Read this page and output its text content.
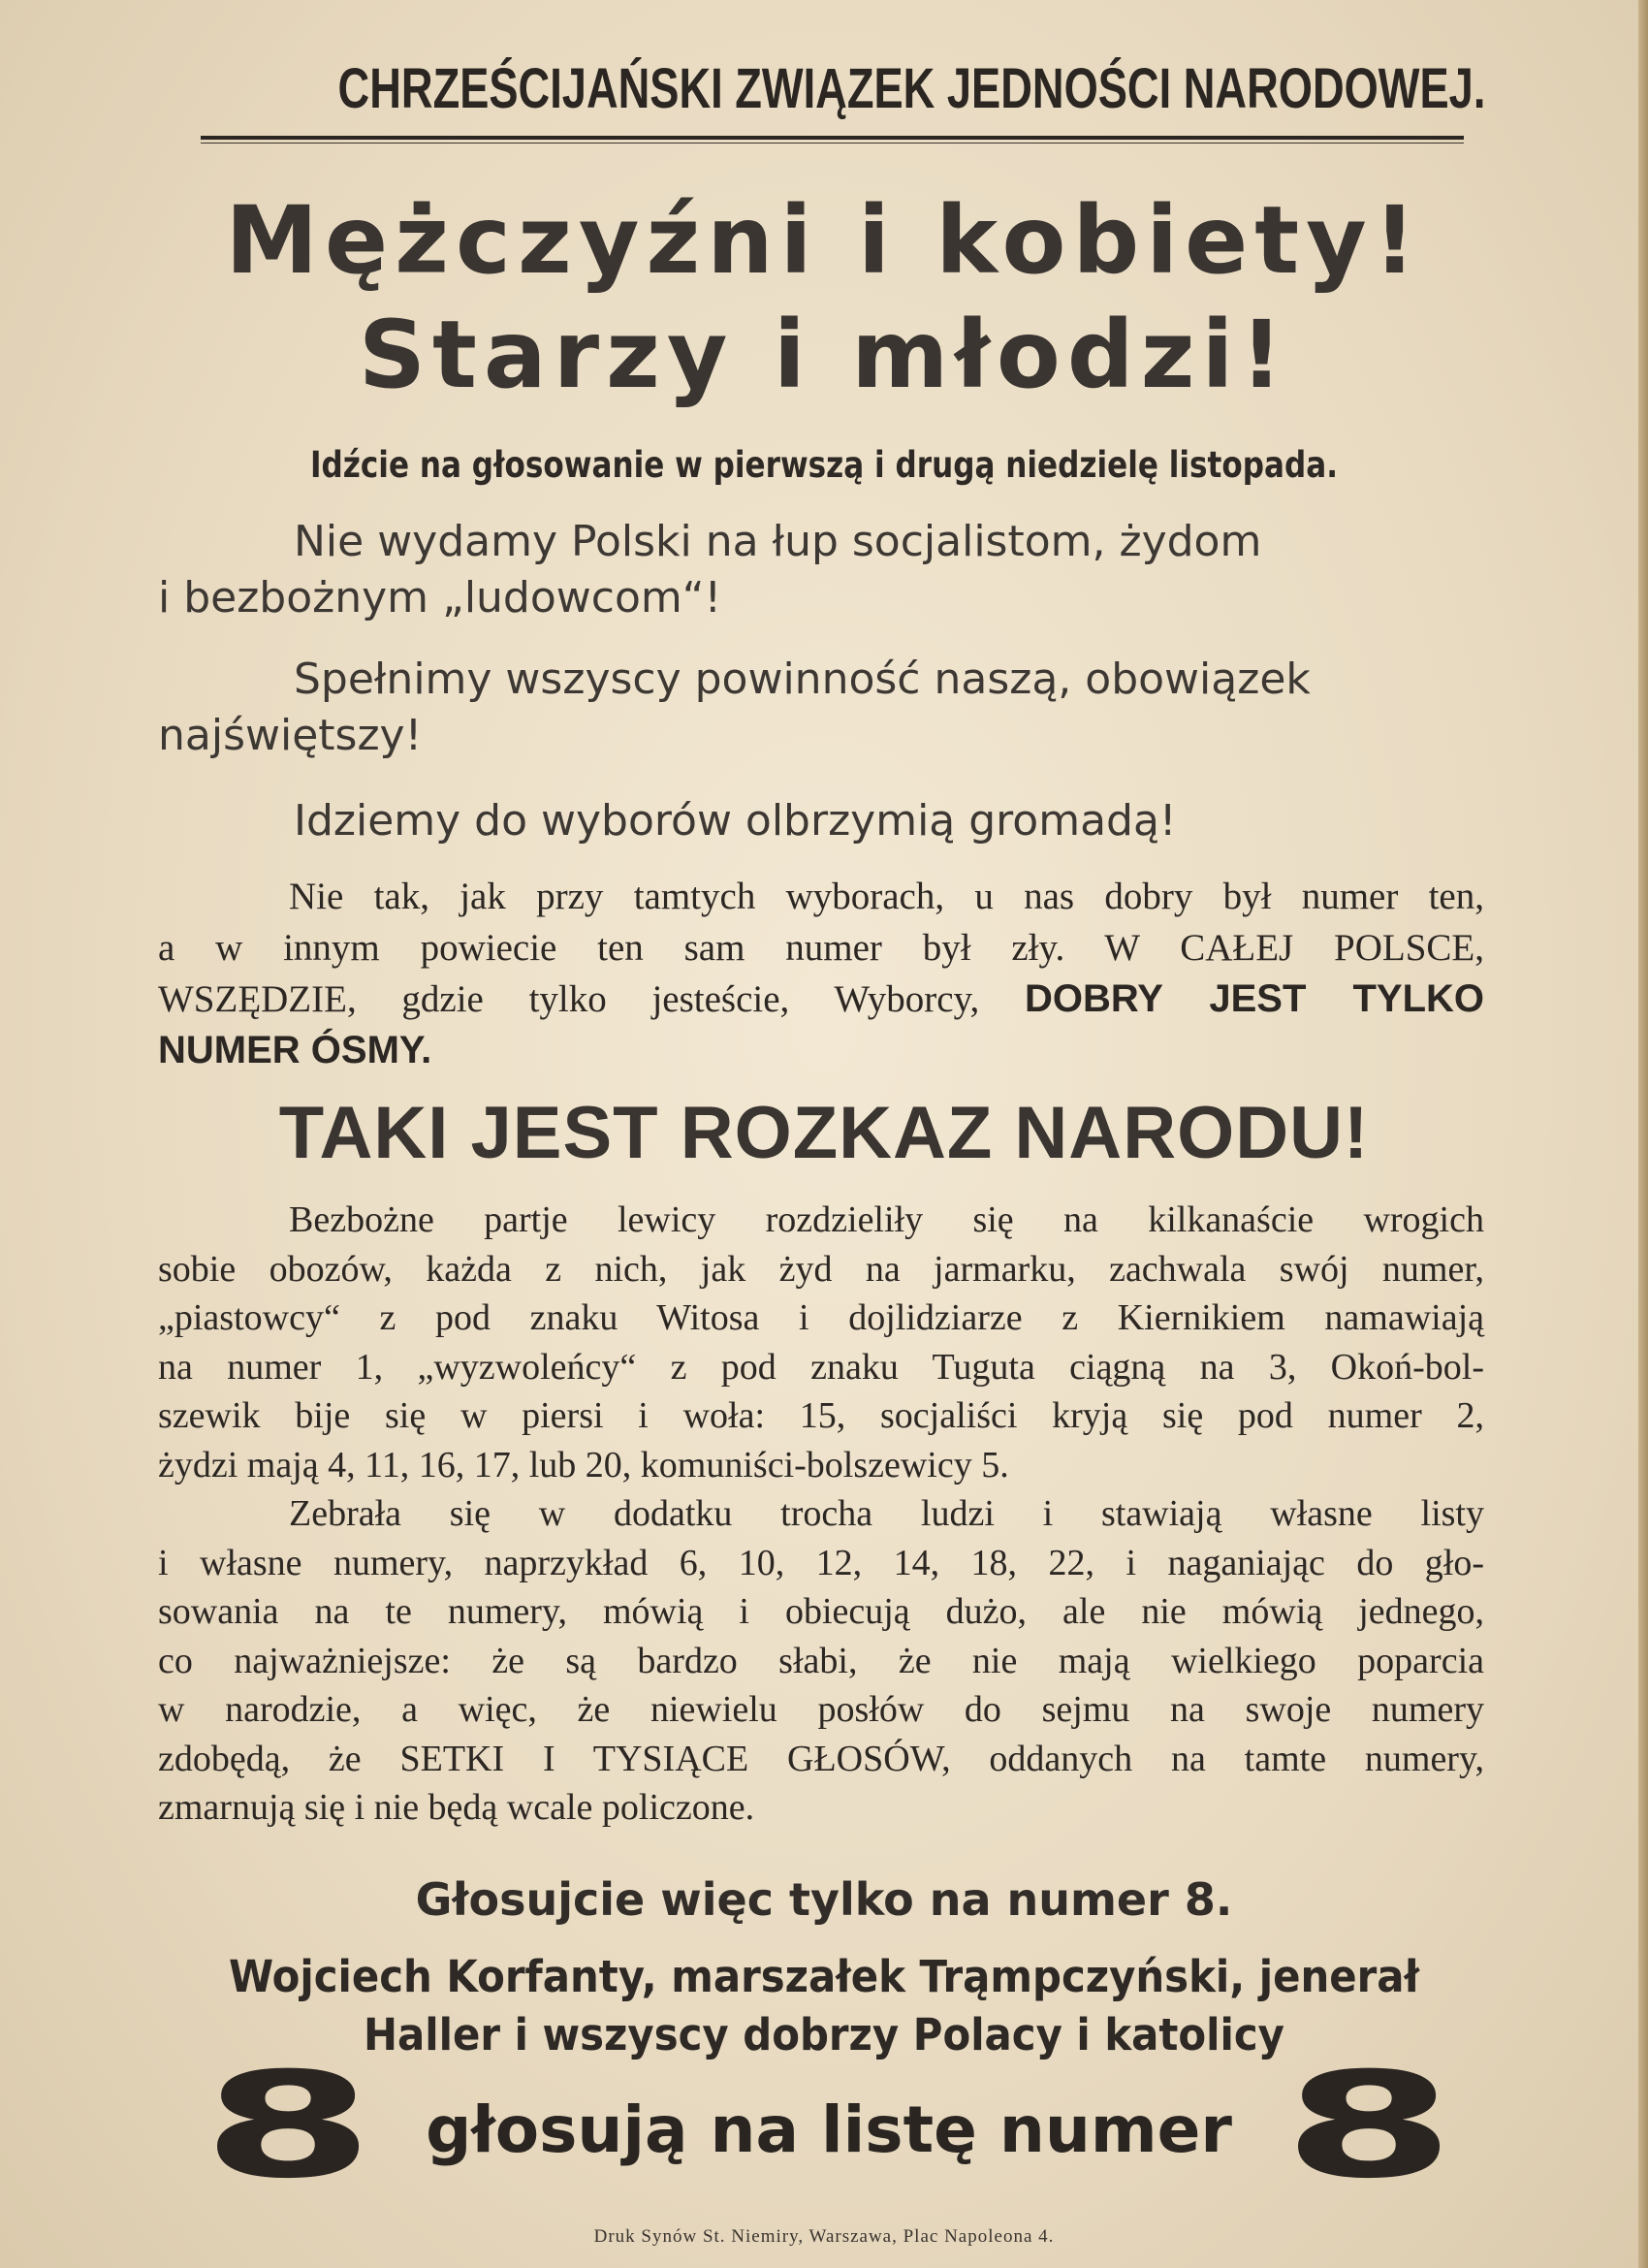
CHRZEŚCIJAŃSKI ZWIĄZEK JEDNOŚCI NARODOWEJ.
Mężczyźni i kobiety!
Starzy i młodzi!
Idźcie na głosowanie w pierwszą i drugą niedzielę listopada.
Nie wydamy Polski na łup socjalistom, żydom
i bezbożnym „ludowcom“!
Spełnimy wszyscy powinność naszą, obowiązek
najświętszy!
Idziemy do wyborów olbrzymią gromadą!
Nie tak, jak przy tamtych wyborach, u nas dobry był numer ten,
a w innym powiecie ten sam numer był zły. W CAŁEJ POLSCE,
WSZĘDZIE, gdzie tylko jesteście, Wyborcy, DOBRY JEST TYLKO
NUMER ÓSMY.
TAKI JEST ROZKAZ NARODU!
Bezbożne partje lewicy rozdzieliły się na kilkanaście wrogich
sobie obozów, każda z nich, jak żyd na jarmarku, zachwala swój numer,
„piastowcy“ z pod znaku Witosa i dojlidziarze z Kiernikiem namawiają
na numer 1, „wyzwoleńcy“ z pod znaku Tuguta ciągną na 3, Okoń-bol-
szewik bije się w piersi i woła: 15, socjaliści kryją się pod numer 2,
żydzi mają 4, 11, 16, 17, lub 20, komuniści-bolszewicy 5.
Zebrała się w dodatku trocha ludzi i stawiają własne listy
i własne numery, naprzykład 6, 10, 12, 14, 18, 22, i naganiając do gło-
sowania na te numery, mówią i obiecują dużo, ale nie mówią jednego,
co najważniejsze: że są bardzo słabi, że nie mają wielkiego poparcia
w narodzie, a więc, że niewielu posłów do sejmu na swoje numery
zdobędą, że SETKI I TYSIĄCE GŁOSÓW, oddanych na tamte numery,
zmarnują się i nie będą wcale policzone.
Głosujcie więc tylko na numer 8.
Wojciech Korfanty, marszałek Trąmpczyński, jenerał
Haller i wszyscy dobrzy Polacy i katolicy
8 głosują na listę numer 8
Druk Synów St. Niemiry, Warszawa, Plac Napoleona 4.
